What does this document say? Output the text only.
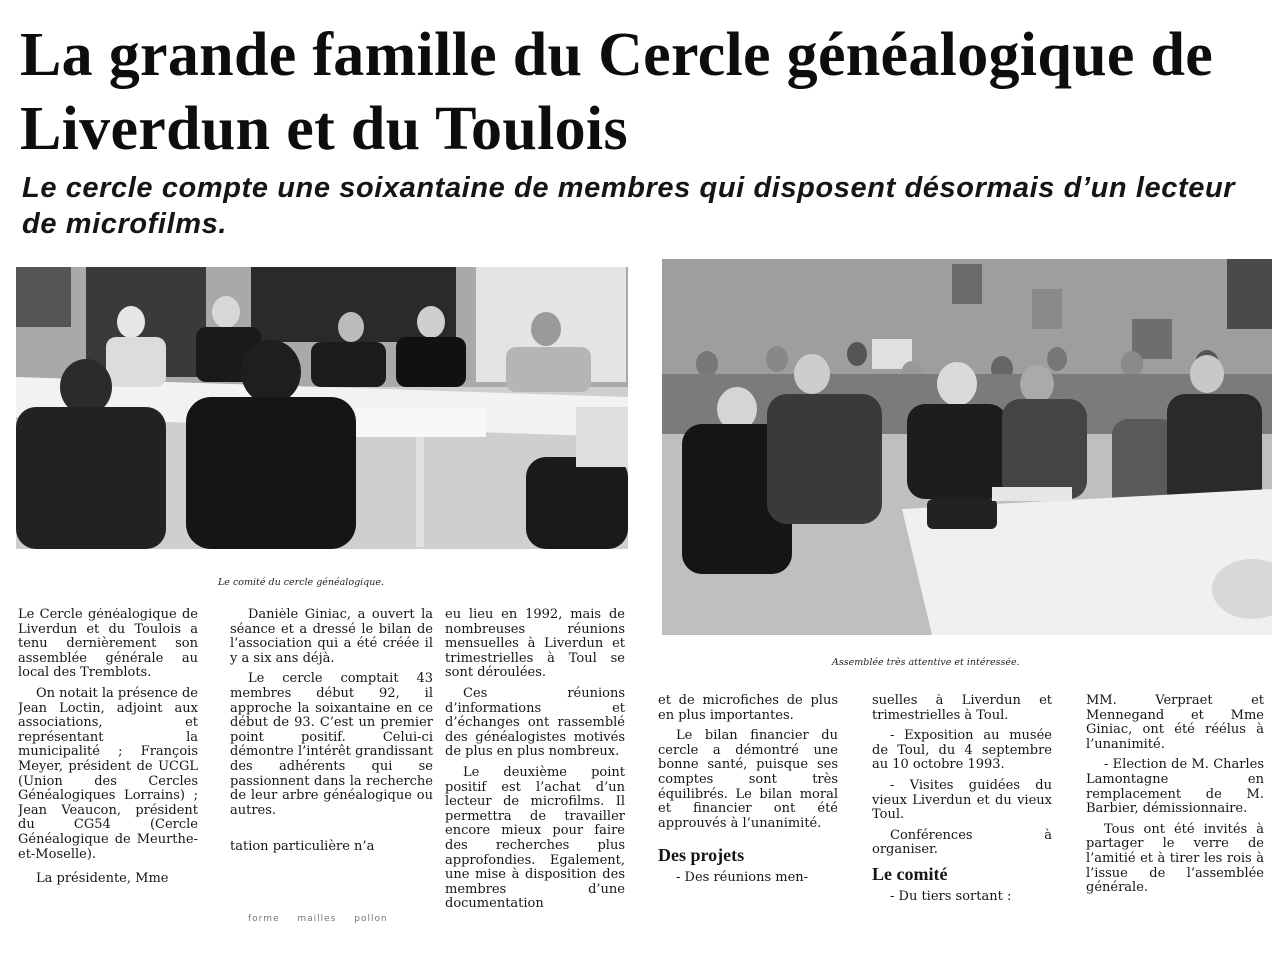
La grande famille du Cercle généalogique de Liverdun et du Toulois
Le cercle compte une soixantaine de membres qui disposent désormais d’un lecteur de microfilms.
Le comité du cercle généalogique.
Assemblée très attentive et intéressée.

Le Cercle généalogique de Liverdun et du Toulois a tenu dernièrement son assemblée générale au local des Tremblots.

On notait la présence de Jean Loctin, adjoint aux associations, et représentant la municipalité ; François Meyer, président de UCGL (Union des Cercles Généalogiques Lorrains) ; Jean Veaucon, président du CG54 (Cercle Généalogique de Meurthe-et-Moselle).

La présidente, Mme

Danièle Giniac, a ouvert la séance et a dressé le bilan de l’association qui a été créée il y a six ans déjà.

Le cercle comptait 43 membres début 92, il approche la soixantaine en ce début de 93. C’est un premier point positif. Celui-ci démontre l’intérêt grandissant des adhérents qui se passionnent dans la recherche de leur arbre généalogique ou autres.

tation particulière n’a

eu lieu en 1992, mais de nombreuses réunions mensuelles à Liverdun et trimestrielles à Toul se sont déroulées.

Ces réunions d’informations et d’échanges ont rassemblé des généalogistes motivés de plus en plus nombreux.

Le deuxième point positif est l’achat d’un lecteur de microfilms. Il permettra de travailler encore mieux pour faire des recherches plus approfondies. Egalement, une mise à disposition des membres d’une documentation

et de microfiches de plus en plus importantes.

Le bilan financier du cercle a démontré une bonne santé, puisque ses comptes sont très équilibrés. Le bilan moral et financier ont été approuvés à l’unanimité.

Des projets

- Des réunions men-

suelles à Liverdun et trimestrielles à Toul.

- Exposition au musée de Toul, du 4 septembre au 10 octobre 1993.

- Visites guidées du vieux Liverdun et du vieux Toul.

Conférences à organiser.

Le comité

- Du tiers sortant :

MM. Verpraet et Mennegand et Mme Giniac, ont été réélus à l’unanimité.

- Election de M. Charles Lamontagne en remplacement de M. Barbier, démissionnaire.

Tous ont été invités à partager le verre de l’amitié et à tirer les rois à l’issue de l’assemblée générale.

forme mailles pollon
